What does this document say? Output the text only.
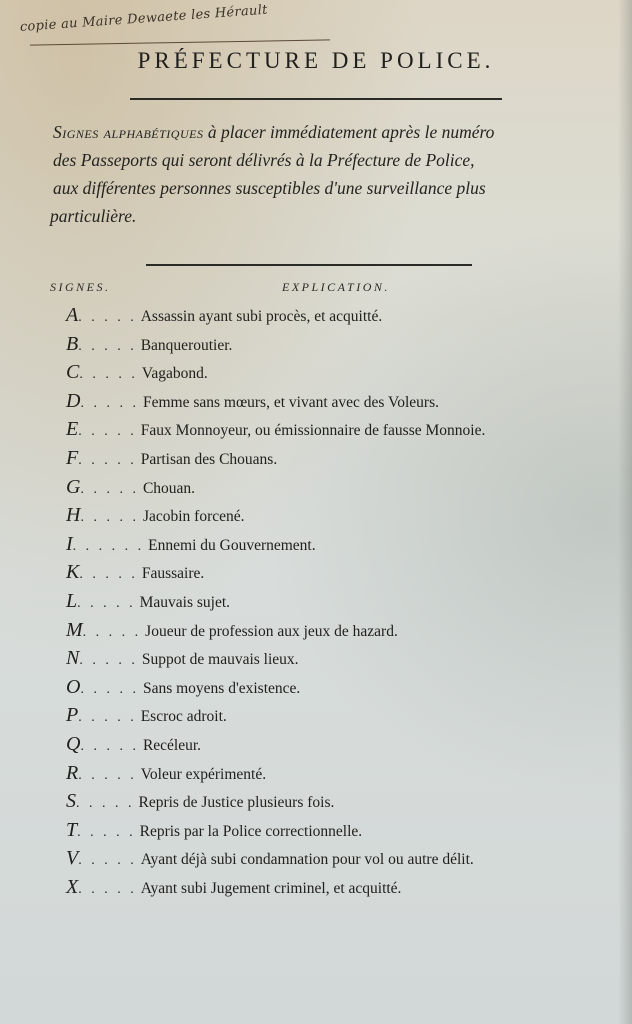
copie au Maire Dewaete les Hérault
PRÉFECTURE DE POLICE.
Signes alphabétiques à placer immédiatement après le numéro
des Passeports qui seront délivrés à la Préfecture de Police,
aux différentes personnes susceptibles d'une surveillance plus
particulière.
SIGNES.	EXPLICATION.
A. . . . . Assassin ayant subi procès, et acquitté.
B. . . . . Banqueroutier.
C. . . . . Vagabond.
D. . . . . Femme sans mœurs, et vivant avec des Voleurs.
E. . . . . Faux Monnoyeur, ou émissionnaire de fausse Monnoie.
F. . . . . Partisan des Chouans.
G. . . . . Chouan.
H. . . . . Jacobin forcené.
I. . . . . . Ennemi du Gouvernement.
K. . . . . Faussaire.
L. . . . . Mauvais sujet.
M. . . . . Joueur de profession aux jeux de hazard.
N. . . . . Suppot de mauvais lieux.
O. . . . . Sans moyens d'existence.
P. . . . . Escroc adroit.
Q. . . . . Recéleur.
R. . . . . Voleur expérimenté.
S. . . . . Repris de Justice plusieurs fois.
T. . . . . Repris par la Police correctionnelle.
V. . . . . Ayant déjà subi condamnation pour vol ou autre délit.
X. . . . . Ayant subi Jugement criminel, et acquitté.
